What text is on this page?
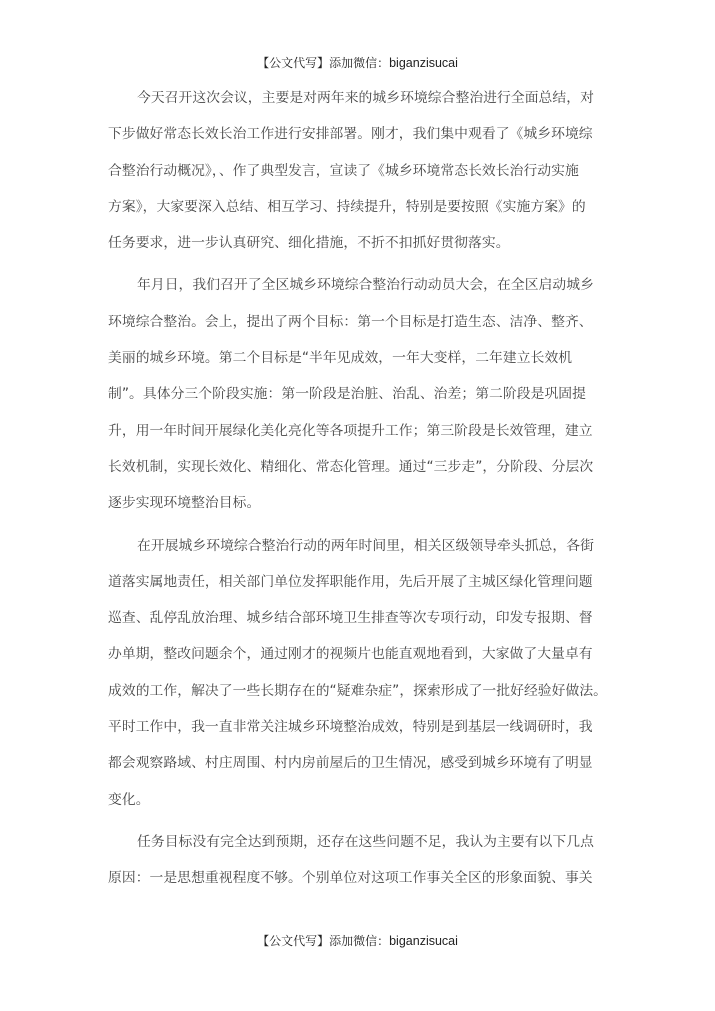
【公文代写】添加微信：biganzisucai
今天召开这次会议，主要是对两年来的城乡环境综合整治进行全面总结，对
下步做好常态长效长治工作进行安排部署。刚才，我们集中观看了《城乡环境综
合整治行动概况》，、作了典型发言，宣读了《城乡环境常态长效长治行动实施
方案》，大家要深入总结、相互学习、持续提升，特别是要按照《实施方案》的
任务要求，进一步认真研究、细化措施，不折不扣抓好贯彻落实。
年月日，我们召开了全区城乡环境综合整治行动动员大会，在全区启动城乡
环境综合整治。会上，提出了两个目标：第一个目标是打造生态、洁净、整齐、
美丽的城乡环境。第二个目标是“半年见成效，一年大变样，二年建立长效机
制”。具体分三个阶段实施：第一阶段是治脏、治乱、治差；第二阶段是巩固提
升，用一年时间开展绿化美化亮化等各项提升工作；第三阶段是长效管理，建立
长效机制，实现长效化、精细化、常态化管理。通过“三步走”，分阶段、分层次
逐步实现环境整治目标。
在开展城乡环境综合整治行动的两年时间里，相关区级领导牵头抓总，各街
道落实属地责任，相关部门单位发挥职能作用，先后开展了主城区绿化管理问题
巡查、乱停乱放治理、城乡结合部环境卫生排查等次专项行动，印发专报期、督
办单期，整改问题余个，通过刚才的视频片也能直观地看到，大家做了大量卓有
成效的工作，解决了一些长期存在的“疑难杂症”，探索形成了一批好经验好做法。
平时工作中，我一直非常关注城乡环境整治成效，特别是到基层一线调研时，我
都会观察路域、村庄周围、村内房前屋后的卫生情况，感受到城乡环境有了明显
变化。
任务目标没有完全达到预期，还存在这些问题不足，我认为主要有以下几点
原因：一是思想重视程度不够。个别单位对这项工作事关全区的形象面貌、事关
【公文代写】添加微信：biganzisucai
